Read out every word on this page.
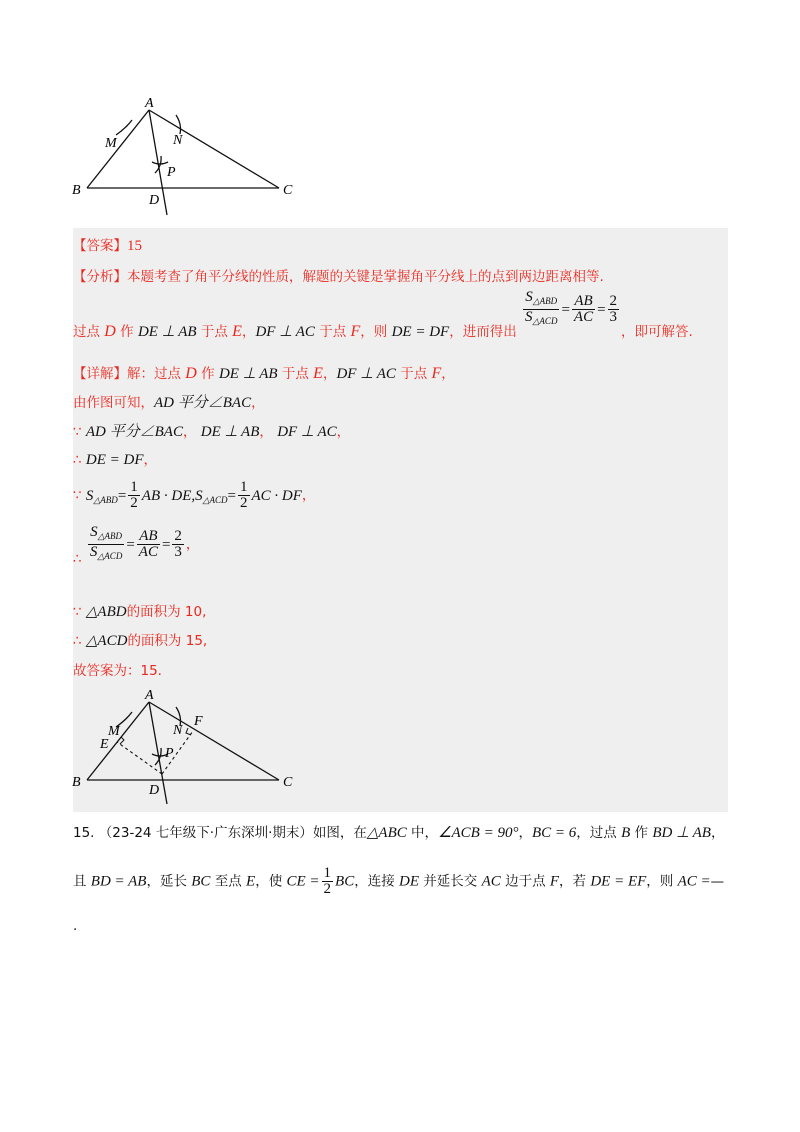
A
B	C
D
M	N
P
【答案】15
【分析】本题考查了角平分线的性质，解题的关键是掌握角平分线上的点到两边距离相等.
过点 D 作 DE ⊥ AB 于点 E，DF ⊥ AC 于点 F，则 DE = DF，进而得出
$\frac{S_{\triangle ABD}}{S_{\triangle ACD}} = \frac{AB}{AC} = \frac{2}{3}$
，即可解答.
【详解】解：过点 D 作 DE ⊥ AB 于点 E，DF ⊥ AC 于点 F，
由作图可知，AD 平分∠BAC，
∵ AD 平分∠BAC， DE ⊥ AB， DF ⊥ AC，
∴ DE = DF，
∵ $S_{\triangle ABD}= \frac{1}{2}$ AB · $DE,S_{\triangle ACD}= \frac{1}{2}$ AC · DF，
∴ $\frac{S_{\triangle ABD}}{S_{\triangle ACD}} = \frac{AB}{AC} = \frac{2}{3}$ ，
∵ △ABD的面积为 10,
∴ △ACD的面积为 15,
故答案为：15.
A
B	C
D
M
E
N
F
P
15. （23-24 七年级下·广东深圳·期末）如图，在△ABC 中，∠ACB = 90°，BC = 6，过点 B 作 BD ⊥ AB，
且 BD = AB，延长 BC 至点 E，使 CE = $\frac{1}{2}$ BC，连接 DE 并延长交 AC 边于点 F，若 DE = EF，则 AC =—
.
